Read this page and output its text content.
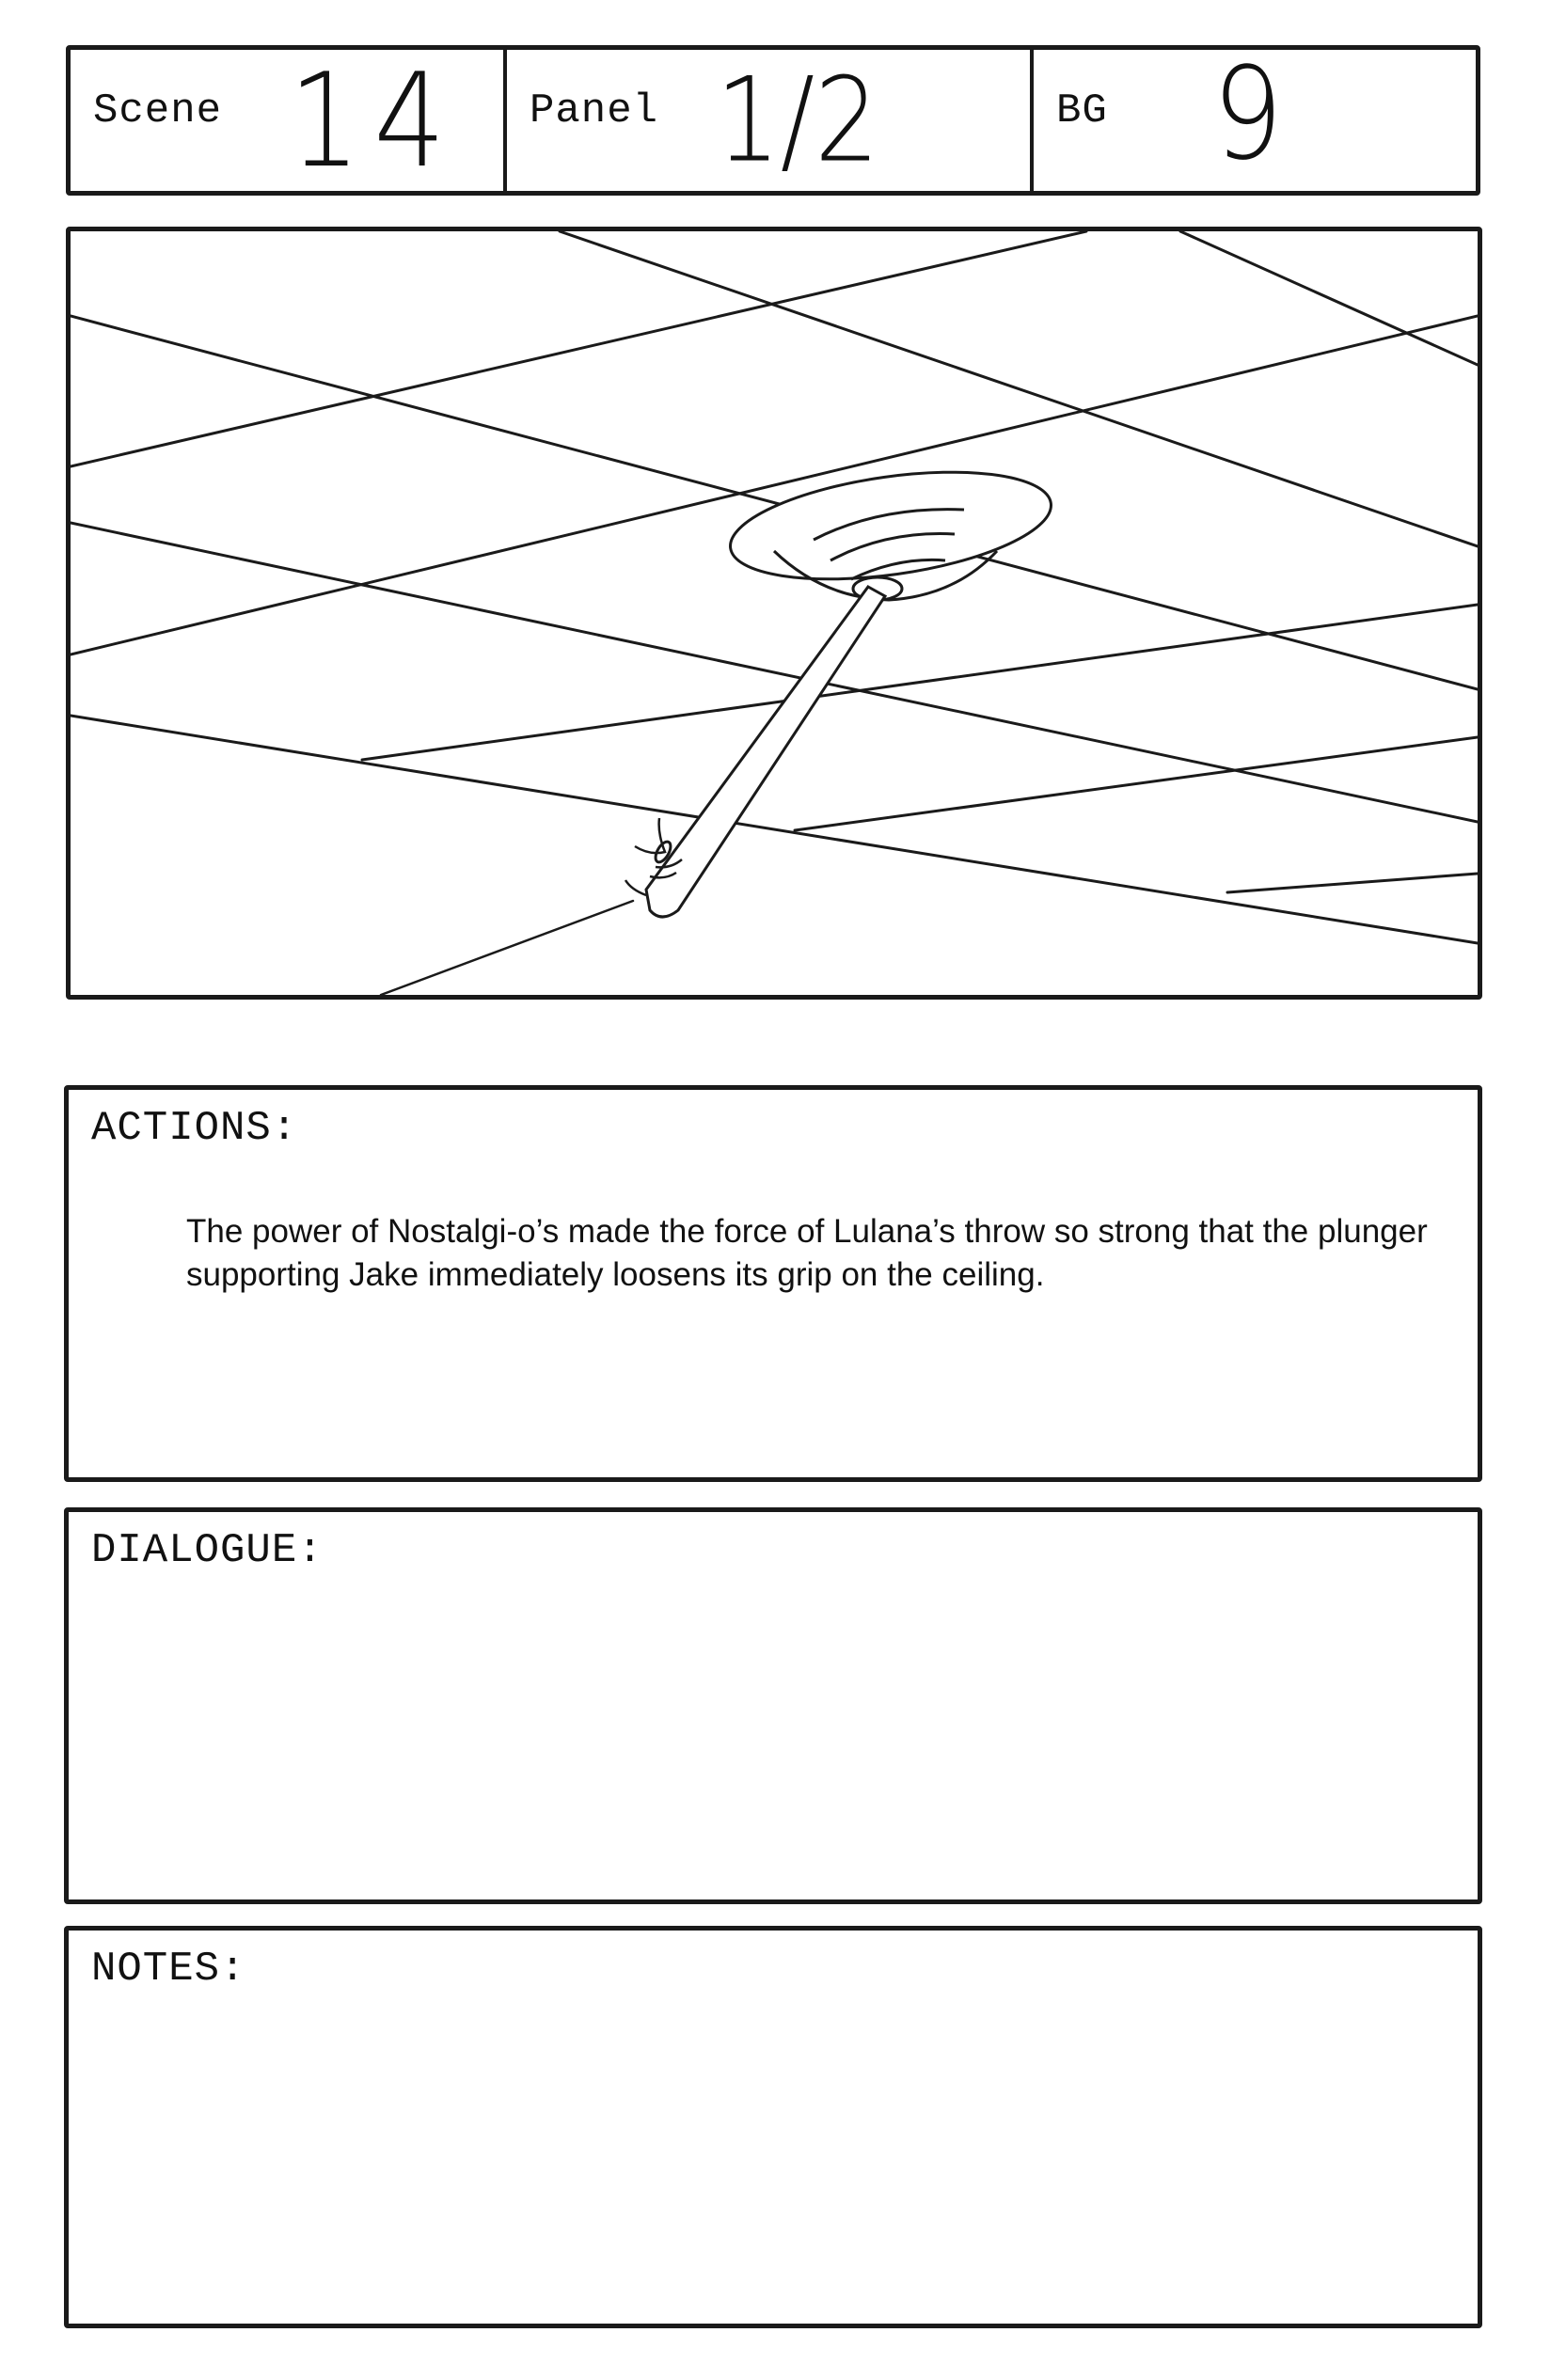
Scene 14 Panel 1/2	BG 9
ACTIONS:
The power of Nostalgi-o’s made the force of Lulana’s throw so strong that the plunger supporting Jake immediately loosens its grip on the ceiling.
DIALOGUE:
NOTES:
